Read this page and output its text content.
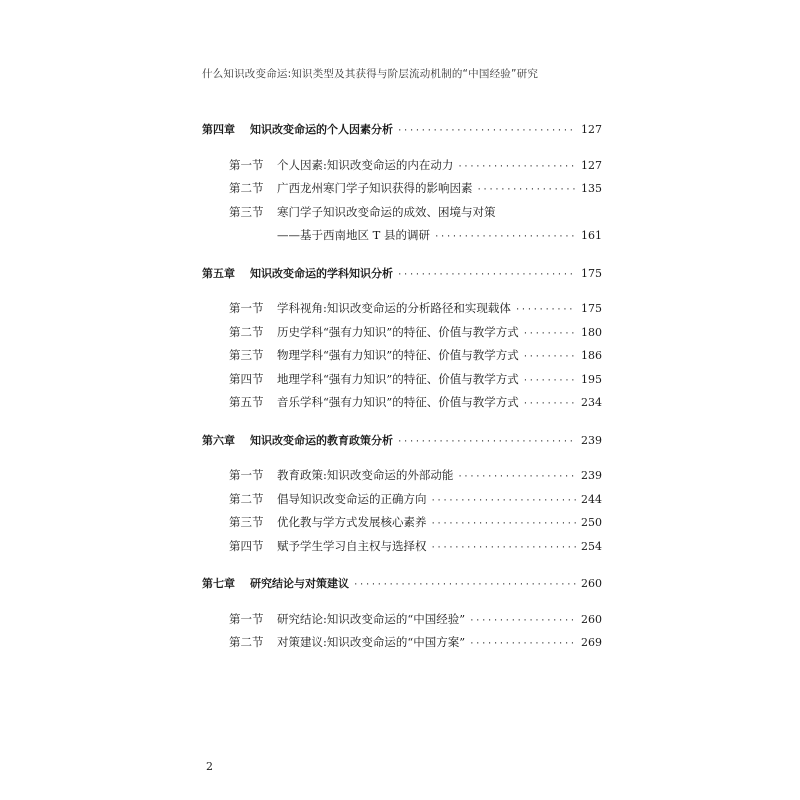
什么知识改变命运:知识类型及其获得与阶层流动机制的“中国经验”研究
第四章	知识改变命运的个人因素分析 ·····	127
第一节	个人因素:知识改变命运的内在动力 ·····	127
第二节	广西龙州寒门学子知识获得的影响因素 ·····	135
第三节	寒门学子知识改变命运的成效、困境与对策
——基于西南地区 T 县的调研 ·····	161
第五章	知识改变命运的学科知识分析 ·····	175
第一节	学科视角:知识改变命运的分析路径和实现载体 ·····	175
第二节	历史学科“强有力知识”的特征、价值与教学方式 ·····	180
第三节	物理学科“强有力知识”的特征、价值与教学方式 ·····	186
第四节	地理学科“强有力知识”的特征、价值与教学方式 ·····	195
第五节	音乐学科“强有力知识”的特征、价值与教学方式 ·····	234
第六章	知识改变命运的教育政策分析 ·····	239
第一节	教育政策:知识改变命运的外部动能 ·····	239
第二节	倡导知识改变命运的正确方向 ·····	244
第三节	优化教与学方式发展核心素养 ·····	250
第四节	赋予学生学习自主权与选择权 ·····	254
第七章	研究结论与对策建议 ·····	260
第一节	研究结论:知识改变命运的“中国经验” ·····	260
第二节	对策建议:知识改变命运的“中国方案” ·····	269
2
